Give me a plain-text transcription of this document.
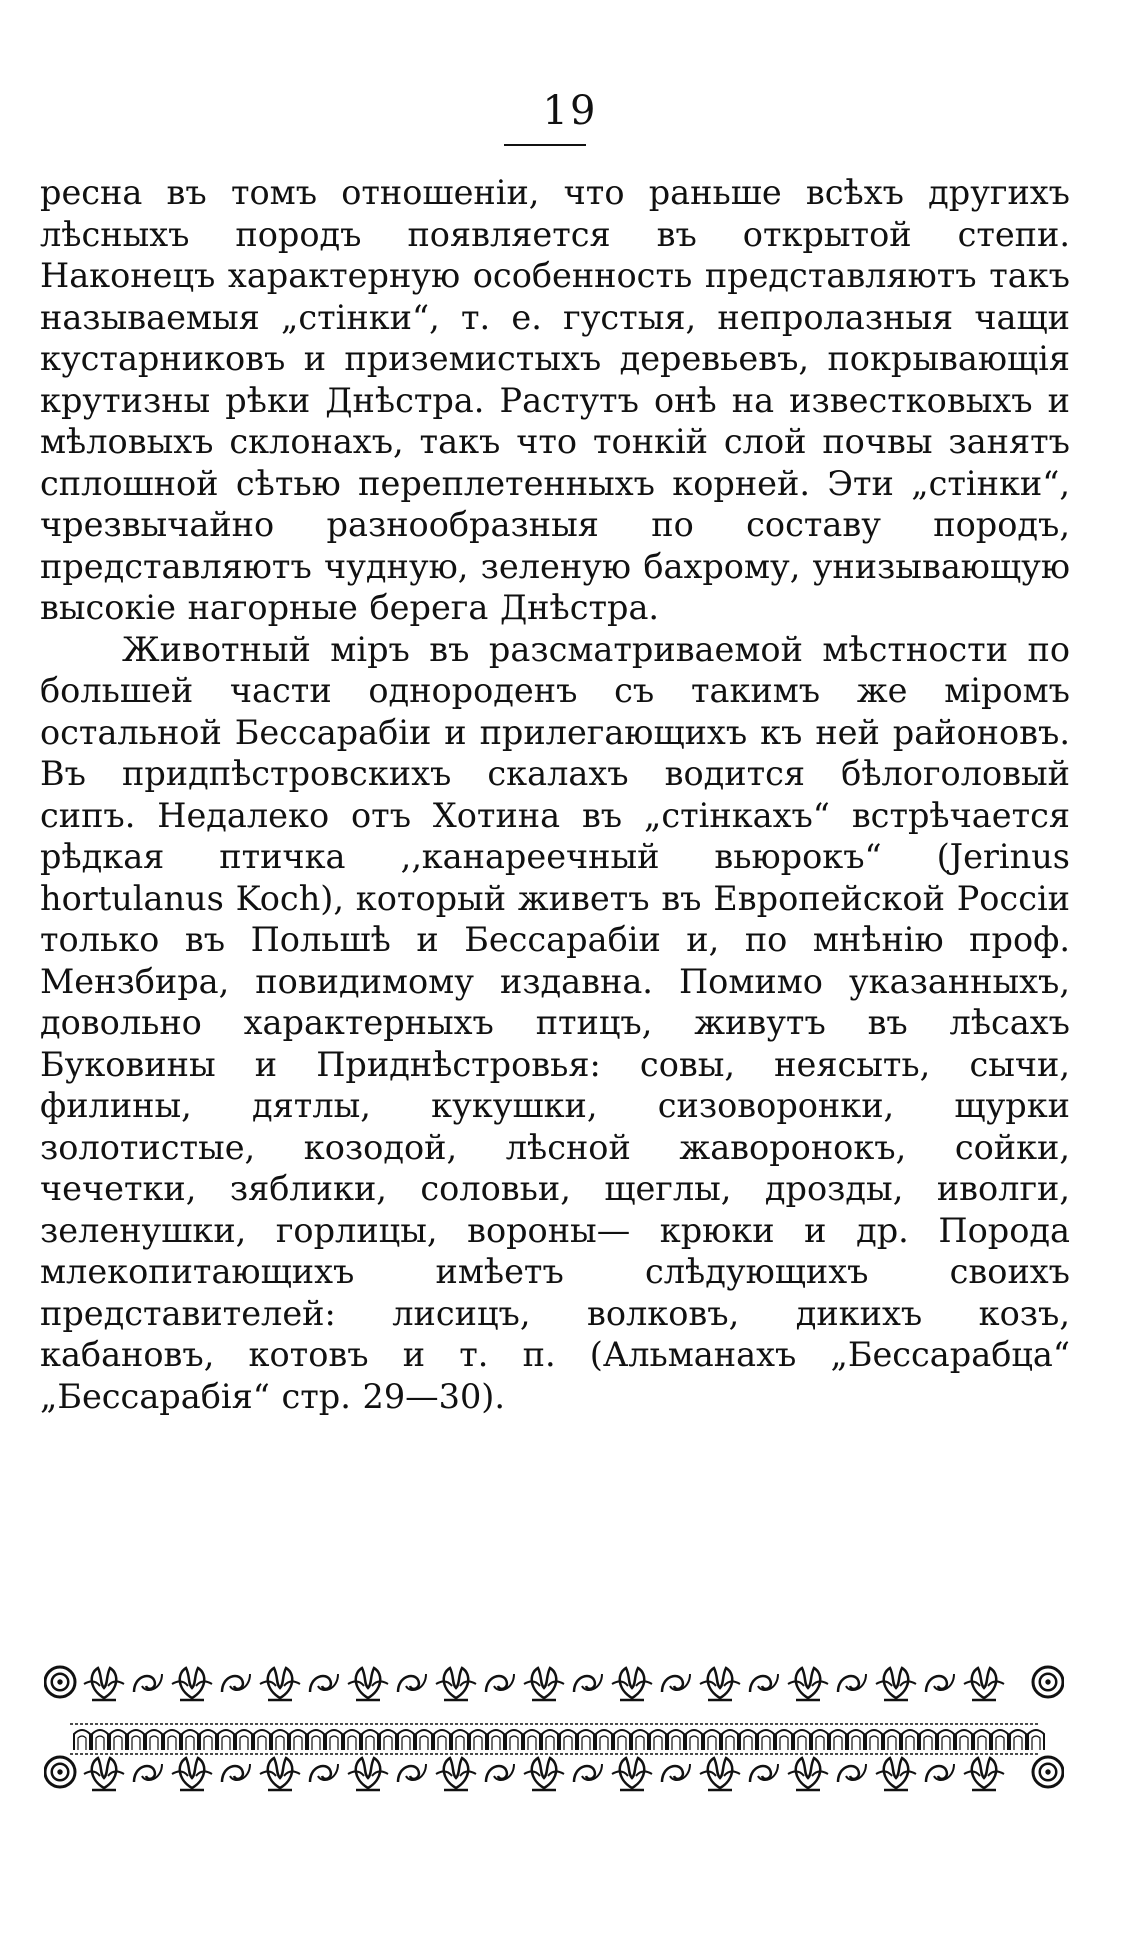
19

ресна въ томъ отношеніи, что раньше всѣхъ другихъ лѣсныхъ породъ появляется въ открытой степи. Наконецъ характерную особенность представляютъ такъ называемыя „стінки“, т. е. густыя, непролазныя чащи кустарниковъ и приземистыхъ деревьевъ, покрывающія крутизны рѣки Днѣстра. Растутъ онѣ на известковыхъ и мѣловыхъ склонахъ, такъ что тонкій слой почвы занятъ сплошной сѣтью переплетенныхъ корней. Эти „стінки“, чрезвычайно разнообразныя по составу породъ, представляютъ чудную, зеленую бахрому, унизывающую высокіе нагорные берега Днѣстра.

Животный міръ въ разсматриваемой мѣстности по большей части однороденъ съ такимъ же міромъ остальной Бессарабіи и прилегающихъ къ ней районовъ. Въ придпѣстровскихъ скалахъ водится бѣлоголовый сипъ. Недалеко отъ Хотина въ „стінкахъ“ встрѣчается рѣдкая птичка ‚‚канареечный вьюрокъ“ (Jerinus hortulanus Koch), который живетъ въ Европейской Россіи только въ Польшѣ и Бессарабіи и, по мнѣнію проф. Мензбира, повидимому издавна. Помимо указанныхъ, довольно характерныхъ птицъ, живутъ въ лѣсахъ Буковины и Приднѣстровья: совы, неясыть, сычи, филины, дятлы, кукушки, сизоворонки, щурки золотистые, козодой, лѣсной жаворонокъ, сойки, чечетки, зяблики, соловьи, щеглы, дрозды, иволги, зеленушки, горлицы, вороны— крюки и др. Порода млекопитающихъ имѣетъ слѣдующихъ своихъ представителей: лисицъ, волковъ, дикихъ козъ, кабановъ, котовъ и т. п. (Альманахъ „Бессарабца“ „Бессарабія“ стр. 29—30).
